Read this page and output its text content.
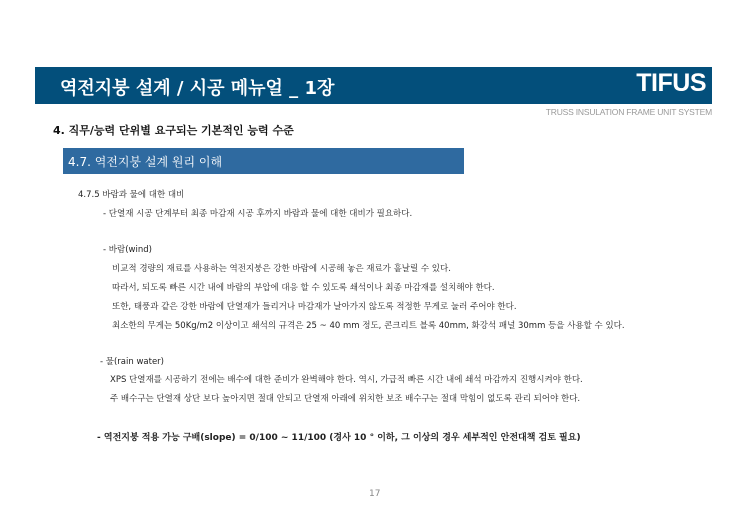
역전지붕 설계 / 시공 메뉴얼 _ 1장	TIFUS
TRUSS INSULATION FRAME UNIT SYSTEM
4. 직무/능력 단위별 요구되는 기본적인 능력 수준
4.7. 역전지붕 설계 원리 이해
4.7.5 바람과 물에 대한 대비
- 단열재 시공 단계부터 최종 마감재 시공 후까지 바람과 물에 대한 대비가 필요하다.
- 바람(wind)
비교적 경량의 재료를 사용하는 역전지붕은 강한 바람에 시공해 놓은 재료가 흩날릴 수 있다.
따라서, 되도록 빠른 시간 내에 바람의 부압에 대응 할 수 있도록 쇄석이나 최종 마감재를 설치해야 한다.
또한, 태풍과 같은 강한 바람에 단열재가 들리거나 마감재가 날아가지 않도록 적정한 무게로 눌러 주어야 한다.
최소한의 무게는 50Kg/m2 이상이고 쇄석의 규격은 25 ~ 40 mm 정도, 콘크리트 블록 40mm, 화강석 패널 30mm 등을 사용할 수 있다.
- 물(rain water)
XPS 단열재를 시공하기 전에는 배수에 대한 준비가 완벽해야 한다. 역시, 가급적 빠른 시간 내에 쇄석 마감까지 진행시켜야 한다.
주 배수구는 단열재 상단 보다 높아지면 절대 안되고 단열재 아래에 위치한 보조 배수구는 절대 막힘이 없도록 관리 되어야 한다.
- 역전지붕 적용 가능 구배(slope) = 0/100 ~ 11/100 (경사 10 ° 이하, 그 이상의 경우 세부적인 안전대책 검토 필요)
17
